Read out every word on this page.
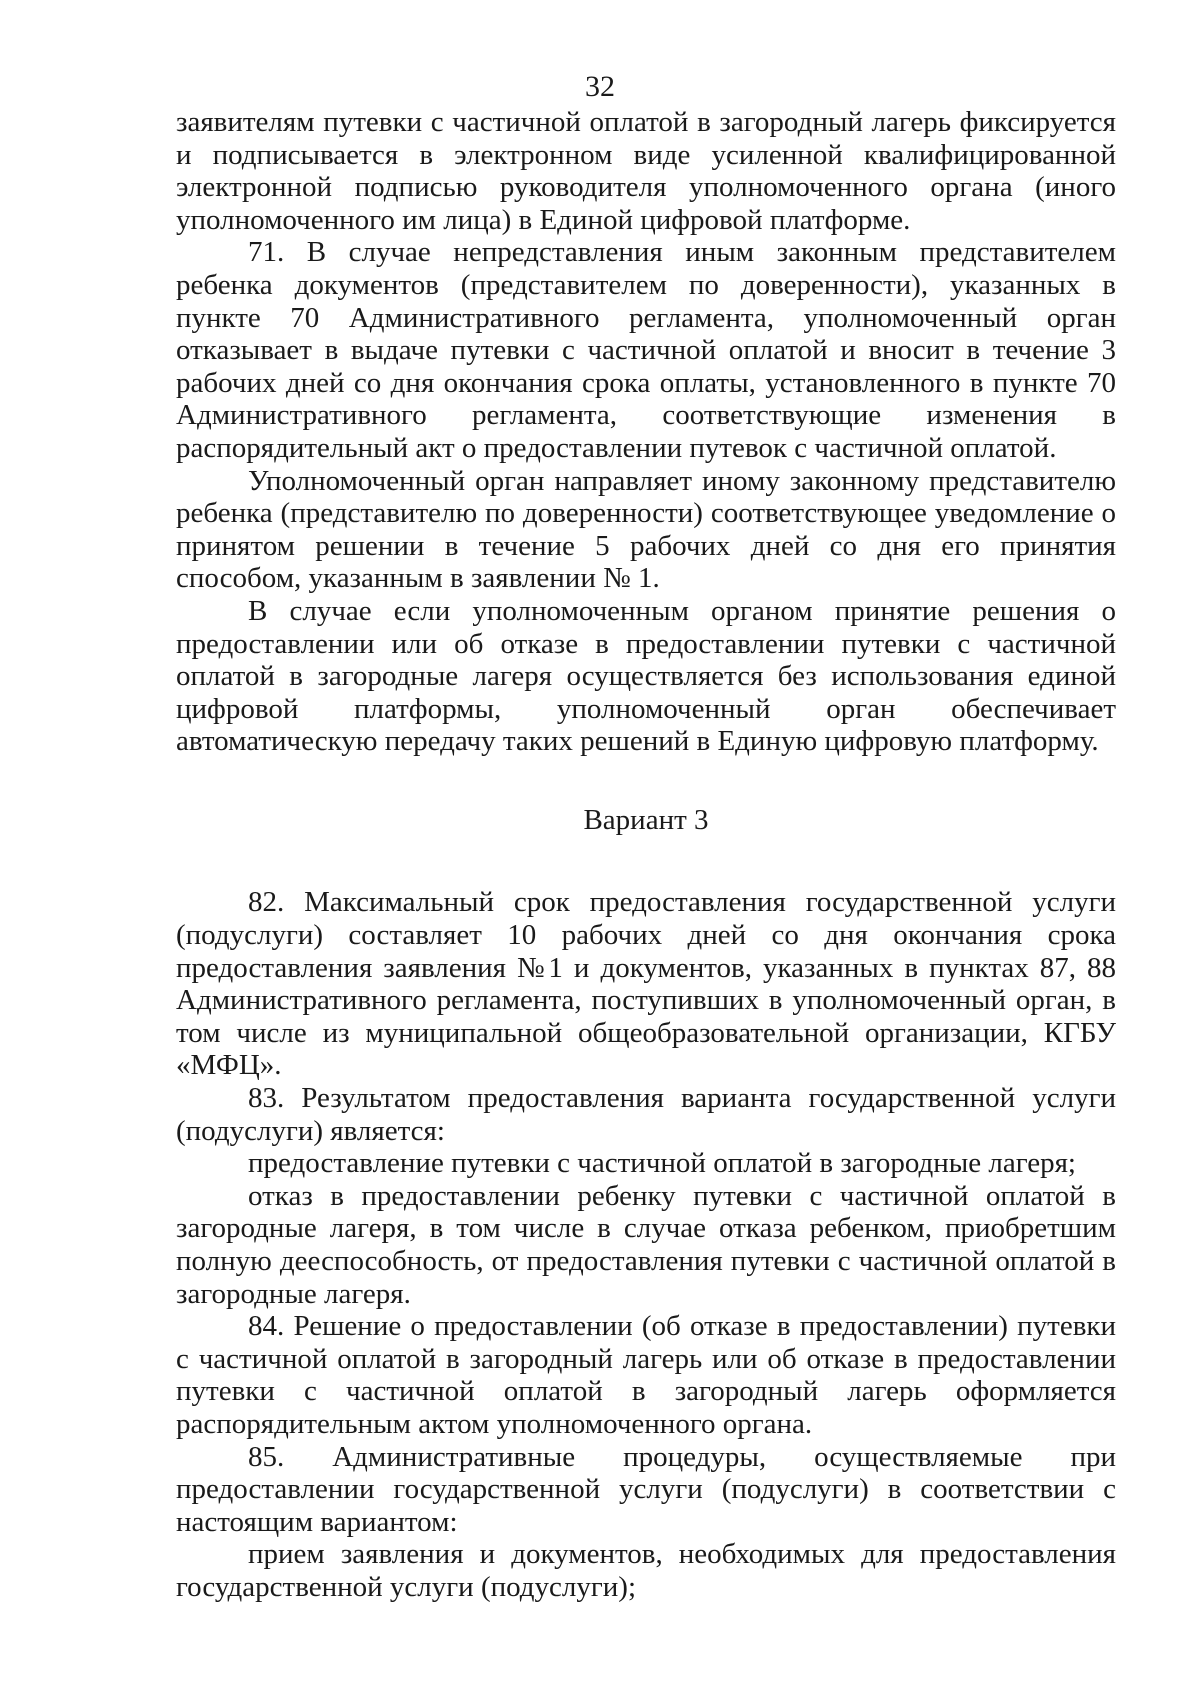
32

заявителям путевки с частичной оплатой в загородный лагерь фиксируется и подписывается в электронном виде усиленной квалифицированной электронной подписью руководителя уполномоченного органа (иного уполномоченного им лица) в Единой цифровой платформе.

71. В случае непредставления иным законным представителем ребенка документов (представителем по доверенности), указанных в пункте 70 Административного регламента, уполномоченный орган отказывает в выдаче путевки с частичной оплатой и вносит в течение 3 рабочих дней со дня окончания срока оплаты, установленного в пункте 70 Административного регламента, соответствующие изменения в распорядительный акт о предоставлении путевок с частичной оплатой.

Уполномоченный орган направляет иному законному представителю ребенка (представителю по доверенности) соответствующее уведомление о принятом решении в течение 5 рабочих дней со дня его принятия способом, указанным в заявлении № 1.

В случае если уполномоченным органом принятие решения о предоставлении или об отказе в предоставлении путевки с частичной оплатой в загородные лагеря осуществляется без использования единой цифровой платформы, уполномоченный орган обеспечивает автоматическую передачу таких решений в Единую цифровую платформу.

Вариант 3

82. Максимальный срок предоставления государственной услуги (подуслуги) составляет 10 рабочих дней со дня окончания срока предоставления заявления №1 и документов, указанных в пунктах 87, 88 Административного регламента, поступивших в уполномоченный орган, в том числе из муниципальной общеобразовательной организации, КГБУ «МФЦ».

83. Результатом предоставления варианта государственной услуги (подуслуги) является:

предоставление путевки с частичной оплатой в загородные лагеря;

отказ в предоставлении ребенку путевки с частичной оплатой в загородные лагеря, в том числе в случае отказа ребенком, приобретшим полную дееспособность, от предоставления путевки с частичной оплатой в загородные лагеря.

84. Решение о предоставлении (об отказе в предоставлении) путевки с частичной оплатой в загородный лагерь или об отказе в предоставлении путевки с частичной оплатой в загородный лагерь оформляется распорядительным актом уполномоченного органа.

85. Административные процедуры, осуществляемые при предоставлении государственной услуги (подуслуги) в соответствии с настоящим вариантом:

прием заявления и документов, необходимых для предоставления государственной услуги (подуслуги);
